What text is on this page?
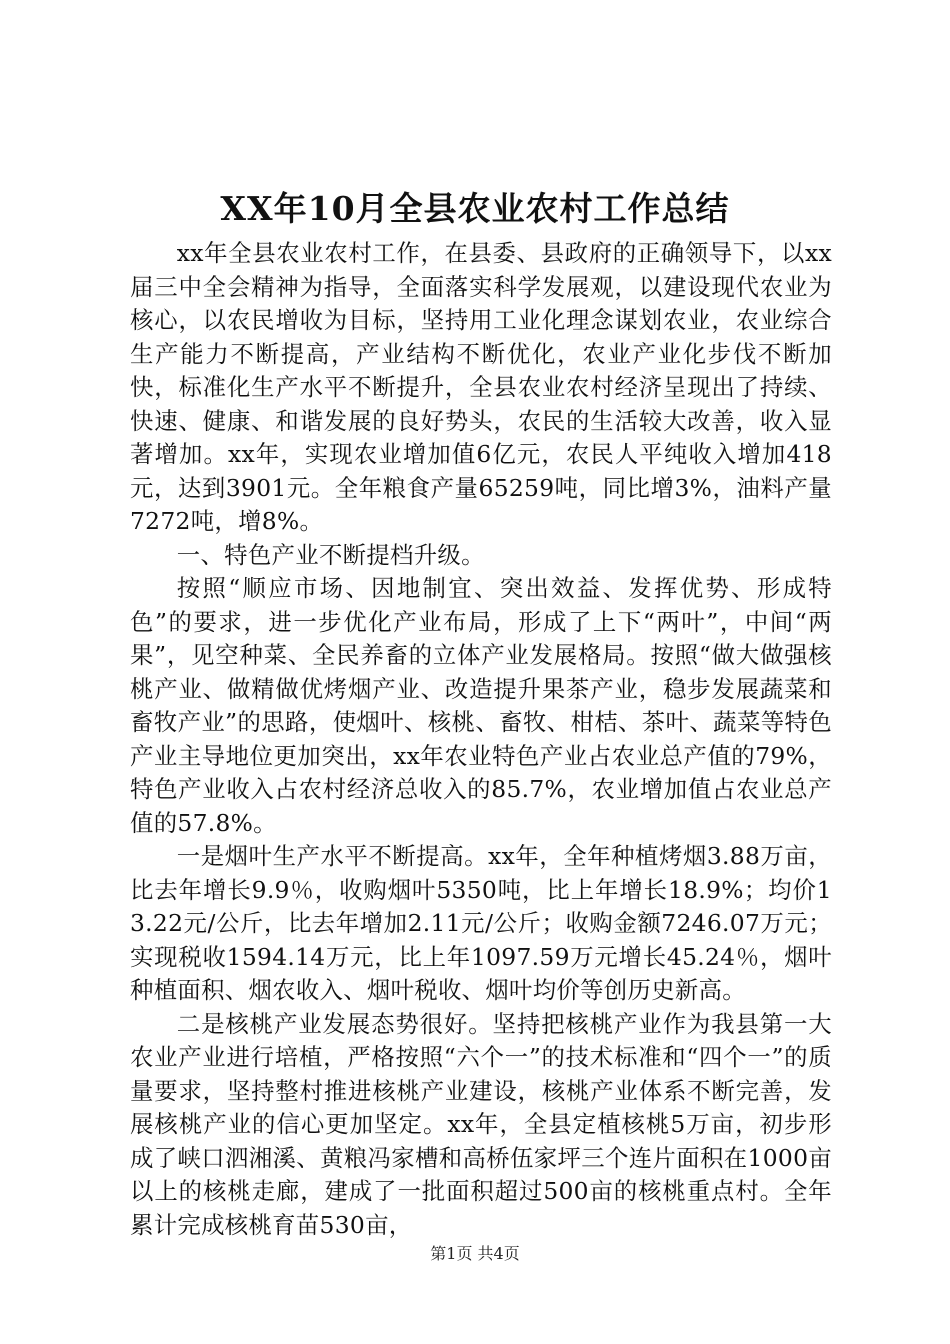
XX年10月全县农业农村工作总结

xx年全县农业农村工作，在县委、县政府的正确领导下，以xx届三中全会精神为指导，全面落实科学发展观，以建设现代农业为核心，以农民增收为目标，坚持用工业化理念谋划农业，农业综合生产能力不断提高，产业结构不断优化，农业产业化步伐不断加快，标准化生产水平不断提升，全县农业农村经济呈现出了持续、快速、健康、和谐发展的良好势头，农民的生活较大改善，收入显著增加。xx年，实现农业增加值6亿元，农民人平纯收入增加418元，达到3901元。全年粮食产量65259吨，同比增3%，油料产量7272吨，增8%。

一、特色产业不断提档升级。

按照“顺应市场、因地制宜、突出效益、发挥优势、形成特色”的要求，进一步优化产业布局，形成了上下“两叶”，中间“两果”，见空种菜、全民养畜的立体产业发展格局。按照“做大做强核桃产业、做精做优烤烟产业、改造提升果茶产业，稳步发展蔬菜和畜牧产业”的思路，使烟叶、核桃、畜牧、柑桔、茶叶、蔬菜等特色产业主导地位更加突出，xx年农业特色产业占农业总产值的79%，特色产业收入占农村经济总收入的85.7%，农业增加值占农业总产值的57.8%。

一是烟叶生产水平不断提高。xx年，全年种植烤烟3.88万亩，比去年增长9.9％，收购烟叶5350吨，比上年增长18.9%；均价13.22元/公斤，比去年增加2.11元/公斤；收购金额7246.07万元；实现税收1594.14万元，比上年1097.59万元增长45.24％，烟叶种植面积、烟农收入、烟叶税收、烟叶均价等创历史新高。

二是核桃产业发展态势很好。坚持把核桃产业作为我县第一大农业产业进行培植，严格按照“六个一”的技术标准和“四个一”的质量要求，坚持整村推进核桃产业建设，核桃产业体系不断完善，发展核桃产业的信心更加坚定。xx年，全县定植核桃5万亩，初步形成了峡口泗湘溪、黄粮冯家槽和高桥伍家坪三个连片面积在1000亩以上的核桃走廊，建成了一批面积超过500亩的核桃重点村。全年累计完成核桃育苗530亩，

第1页 共4页
